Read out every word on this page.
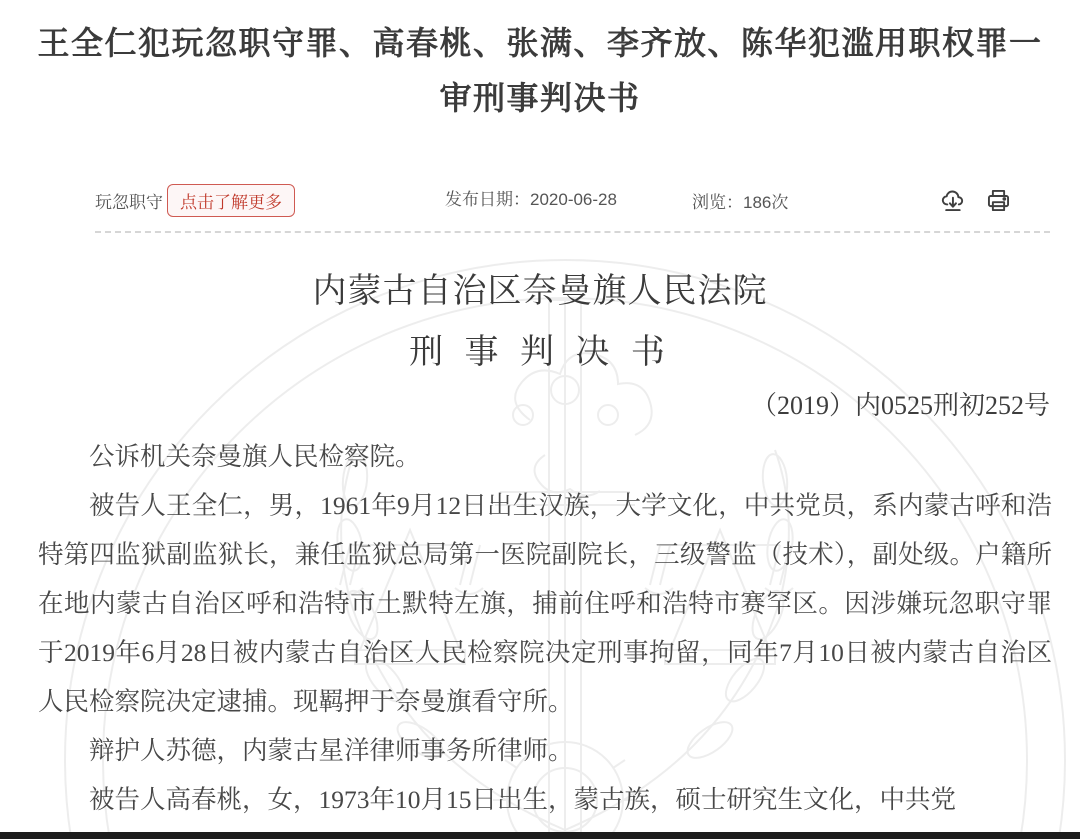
王全仁犯玩忽职守罪、高春桃、张满、李齐放、陈华犯滥用职权罪一审刑事判决书
玩忽职守	点击了解更多	发布日期：2020-06-28	浏览：186次
内蒙古自治区奈曼旗人民法院
刑 事 判 决 书
（2019）内0525刑初252号

公诉机关奈曼旗人民检察院。

被告人王全仁，男，1961年9月12日出生汉族，大学文化，中共党员，系内蒙古呼和浩特第四监狱副监狱长，兼任监狱总局第一医院副院长，三级警监（技术），副处级。户籍所在地内蒙古自治区呼和浩特市土默特左旗，捕前住呼和浩特市赛罕区。因涉嫌玩忽职守罪于2019年6月28日被内蒙古自治区人民检察院决定刑事拘留，同年7月10日被内蒙古自治区人民检察院决定逮捕。现羁押于奈曼旗看守所。

辩护人苏德，内蒙古星洋律师事务所律师。

被告人高春桃，女，1973年10月15日出生，蒙古族，硕士研究生文化，中共党
